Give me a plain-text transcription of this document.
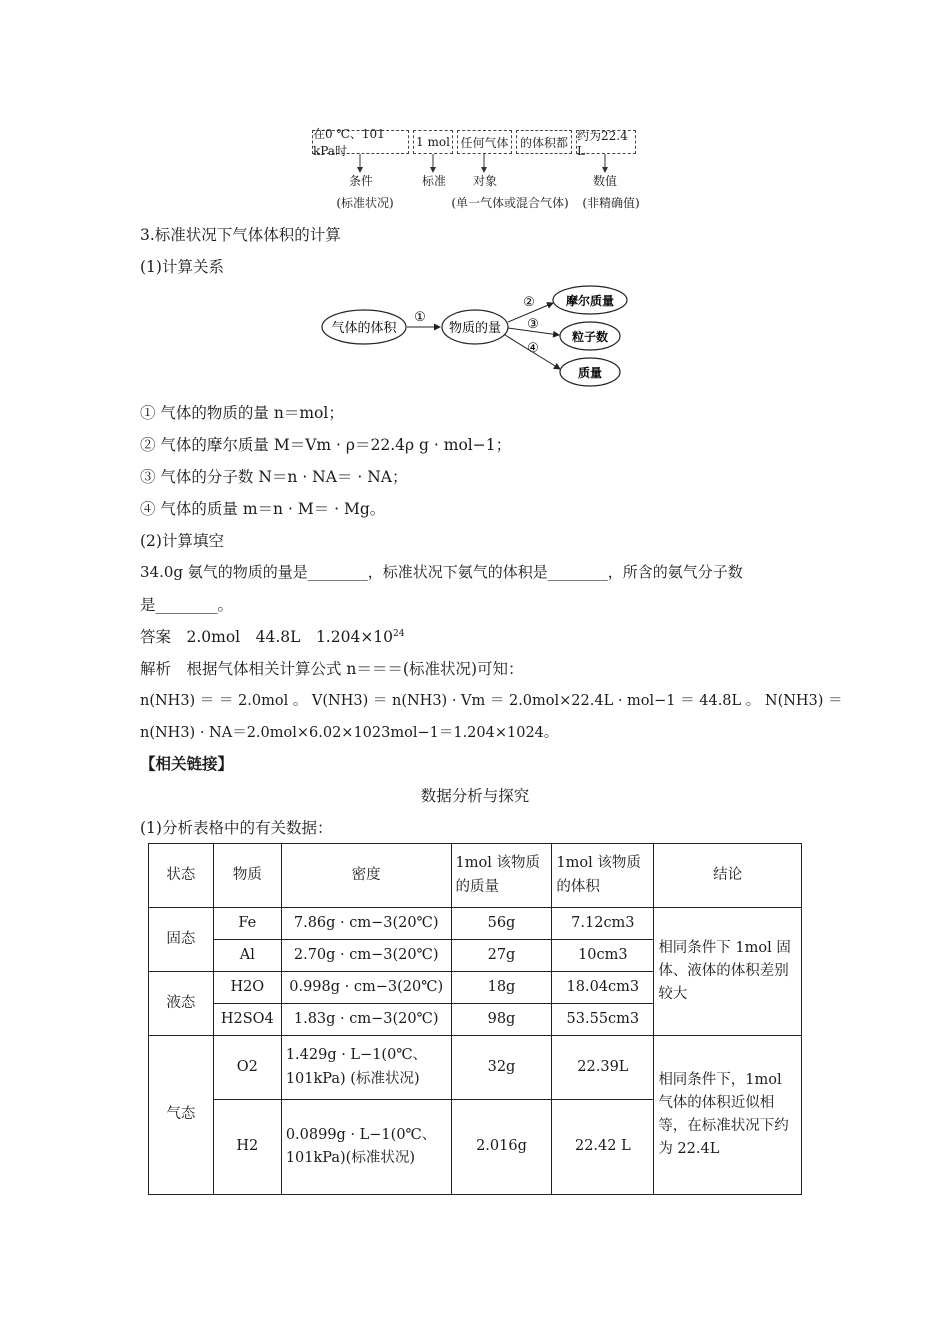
在0 ℃、101 kPa时
1 mol 任何气体 的体积都 约为22.4 L
条件	标准	对象	数值
(标准状况)	(单一气体或混合气体)	(非精确值)
3.标准状况下气体体积的计算
(1)计算关系
气体的体积	物质的量
摩尔质量
粒子数
质量
①
②
③
④
① 气体的物质的量 n＝mol；
② 气体的摩尔质量 M＝Vm · ρ＝22.4ρ g · mol−1；
③ 气体的分子数 N＝n · NA＝ · NA；
④ 气体的质量 m＝n · M＝ · Mg。
(2)计算填空
34.0g 氨气的物质的量是________，标准状况下氨气的体积是________，所含的氨气分子数
是________。
答案　2.0mol　44.8L　$1.204\times 10^{24}$
解析　根据气体相关计算公式 n＝＝＝(标准状况)可知：
n(NH3) ＝ ＝ 2.0mol 。 V(NH3) ＝ n(NH3) · Vm ＝ 2.0mol×22.4L · mol−1 ＝ 44.8L 。 N(NH3) ＝
n(NH3) · NA＝2.0mol×6.02×1023mol−1＝1.204×1024。
【相关链接】
数据分析与探究
(1)分析表格中的有关数据：
状态	物质	密度	1mol 该物质的质量	1mol 该物质的体积	结论
固态	Fe	7.86g · cm−3(20℃)	56g	7.12cm3	相同条件下 1mol 固体、液体的体积差别较大
	Al	2.70g · cm−3(20℃)	27g	10cm3	
液态	H2O	0.998g · cm−3(20℃)	18g	18.04cm3	
	H2SO4	1.83g · cm−3(20℃)	98g	53.55cm3	
气态	O2	1.429g · L−1(0℃、101kPa) (标准状况)	32g	22.39L	相同条件下，1mol 气体的体积近似相等，在标准状况下约为 22.4L
	H2	0.0899g · L−1(0℃、101kPa)(标准状况)	2.016g	22.42 L	
